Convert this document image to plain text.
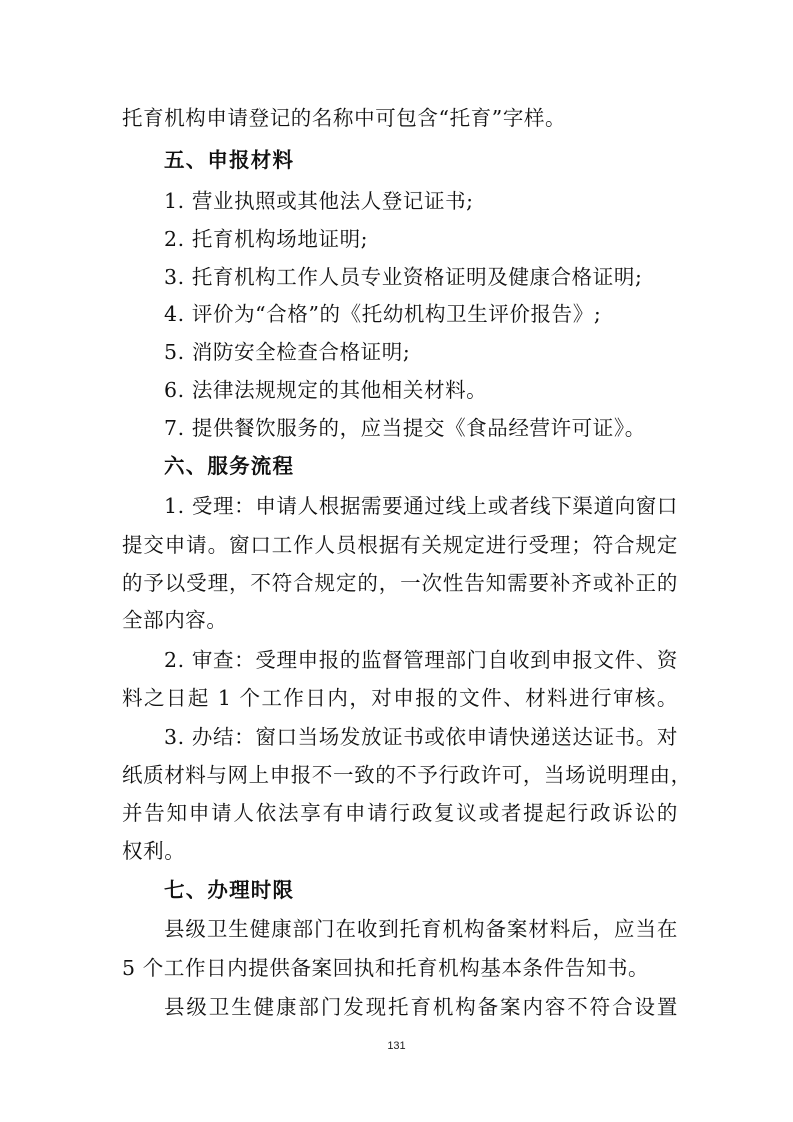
托育机构申请登记的名称中可包含“托育”字样。
五、申报材料
1. 营业执照或其他法人登记证书;
2. 托育机构场地证明;
3. 托育机构工作人员专业资格证明及健康合格证明;
4. 评价为“合格”的《托幼机构卫生评价报告》;
5. 消防安全检查合格证明;
6. 法律法规规定的其他相关材料。
7. 提供餐饮服务的，应当提交《食品经营许可证》。
六、服务流程
1. 受理：申请人根据需要通过线上或者线下渠道向窗口
提交申请。窗口工作人员根据有关规定进行受理；符合规定
的予以受理，不符合规定的，一次性告知需要补齐或补正的
全部内容。
2. 审查：受理申报的监督管理部门自收到申报文件、资
料之日起 1 个工作日内，对申报的文件、材料进行审核。
3. 办结：窗口当场发放证书或依申请快递送达证书。对
纸质材料与网上申报不一致的不予行政许可，当场说明理由，
并告知申请人依法享有申请行政复议或者提起行政诉讼的
权利。
七、办理时限
县级卫生健康部门在收到托育机构备案材料后，应当在
5 个工作日内提供备案回执和托育机构基本条件告知书。
县级卫生健康部门发现托育机构备案内容不符合设置
131
